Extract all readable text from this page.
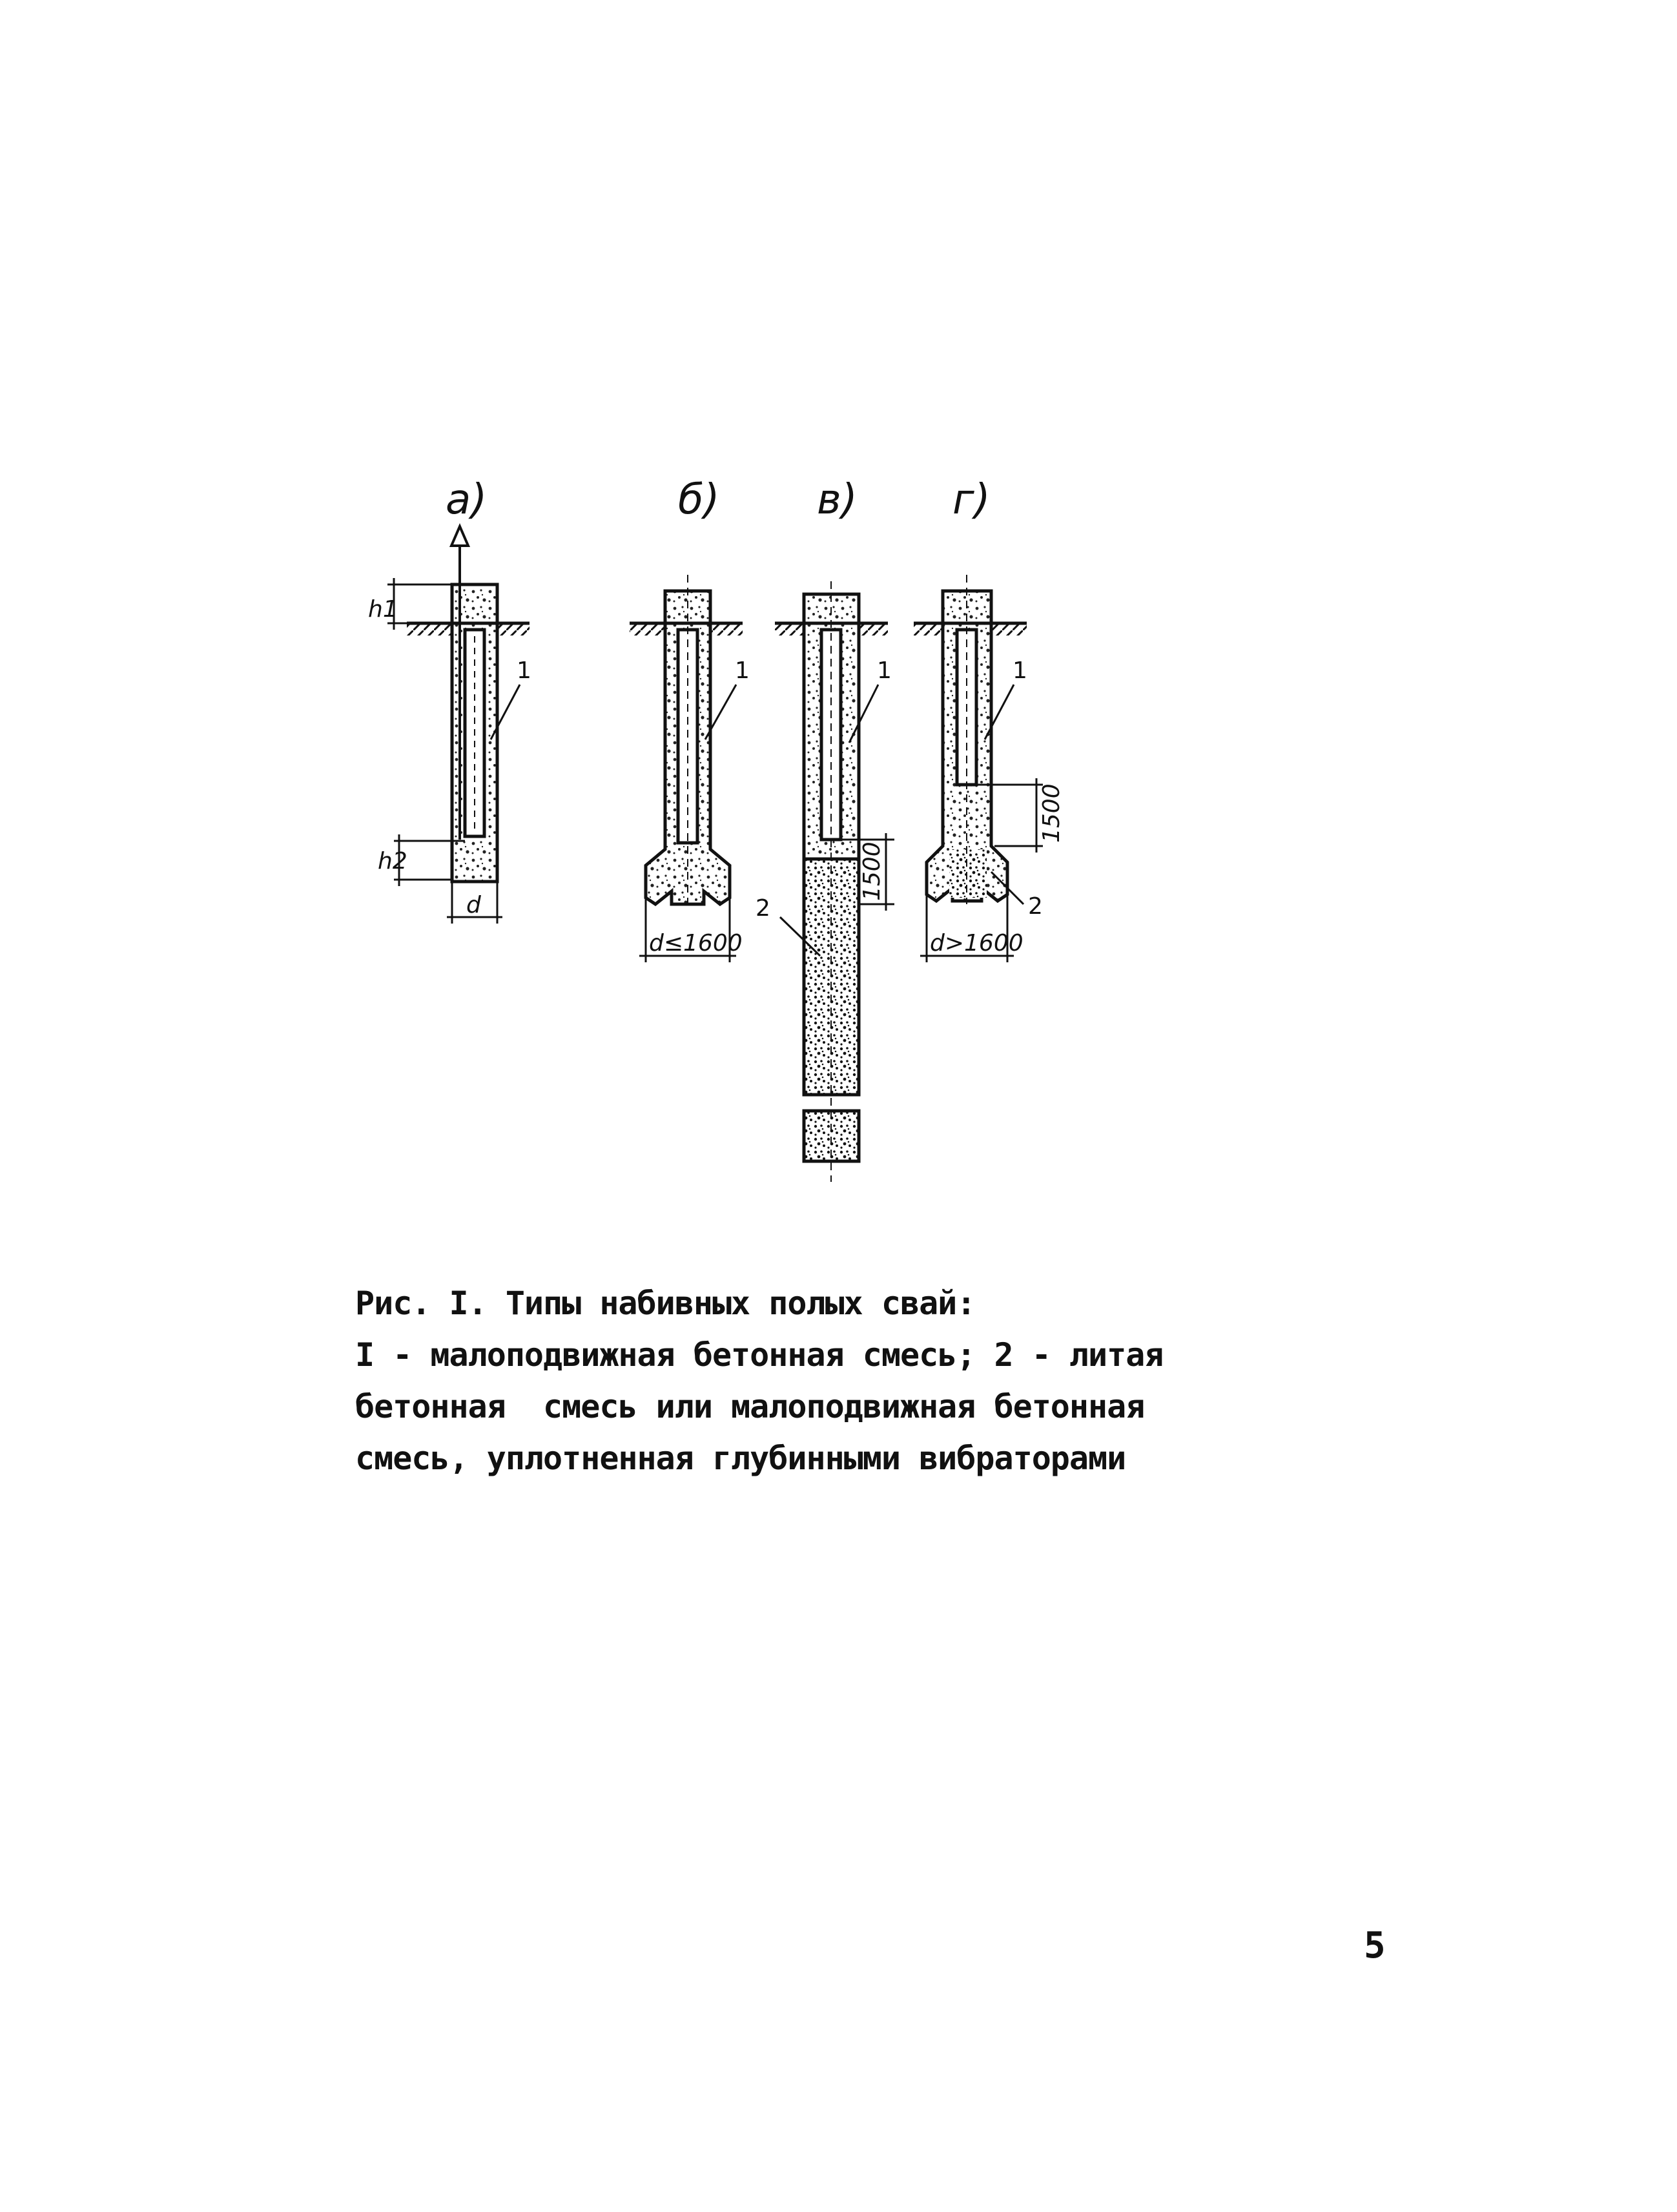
а)
h1
h2
d
1
б)
d≤1600
1
в)
1500
1
2
г)
1500
d>1600
1
2
Рис. I. Типы набивных полых свай:
I - малоподвижная бетонная смесь; 2 - литая
бетонная  смесь или малоподвижная бетонная
смесь, уплотненная глубинными вибраторами
5
